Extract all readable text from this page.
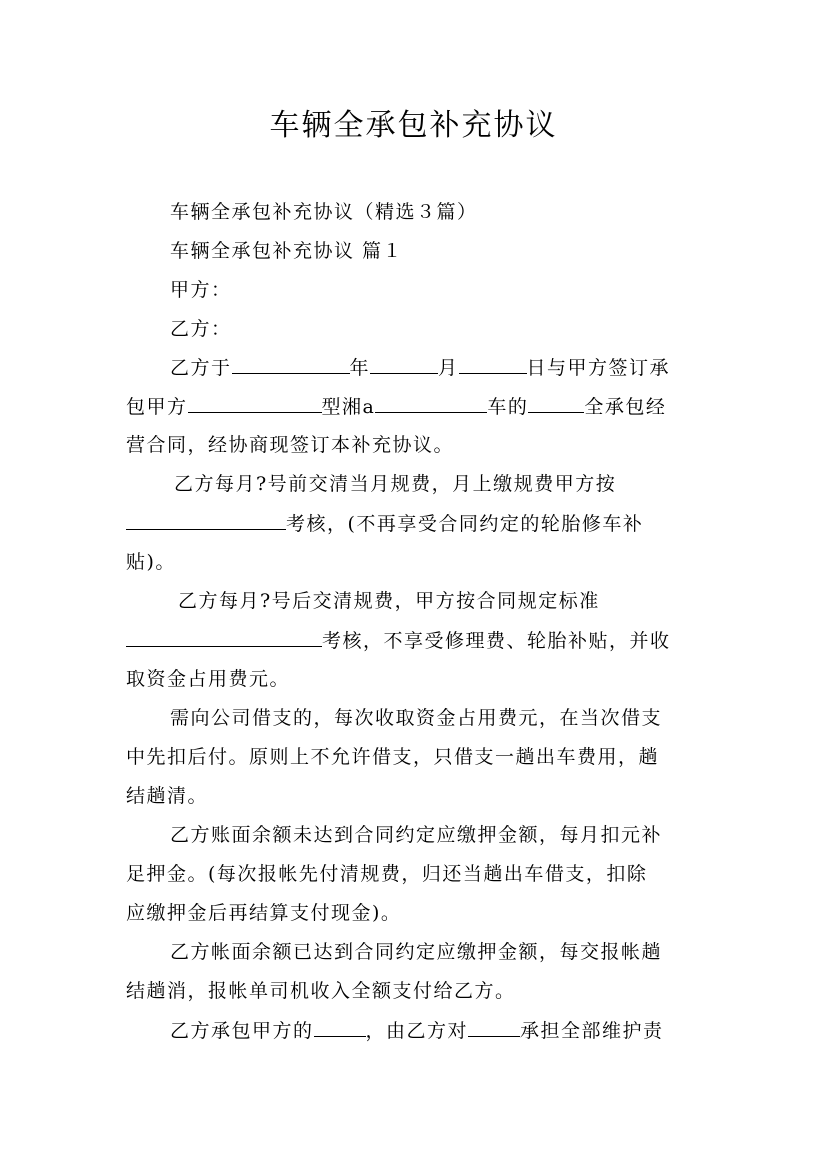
车辆全承包补充协议
车辆全承包补充协议（精选３篇）
车辆全承包补充协议 篇１
甲方：
乙方：
乙方于	年	月	日与甲方签订承
包甲方	型湘a	车的	全承包经
营合同，经协商现签订本补充协议。
乙方每月?号前交清当月规费，月上缴规费甲方按
考核，(不再享受合同约定的轮胎修车补
贴)。
乙方每月?号后交清规费，甲方按合同规定标准
考核，不享受修理费、轮胎补贴，并收
取资金占用费元。
需向公司借支的，每次收取资金占用费元，在当次借支
中先扣后付。原则上不允许借支，只借支一趟出车费用，趟
结趟清。
乙方账面余额未达到合同约定应缴押金额，每月扣元补
足押金。(每次报帐先付清规费，归还当趟出车借支，扣除
应缴押金后再结算支付现金)。
乙方帐面余额已达到合同约定应缴押金额，每交报帐趟
结趟消，报帐单司机收入全额支付给乙方。
乙方承包甲方的	，由乙方对	承担全部维护责
